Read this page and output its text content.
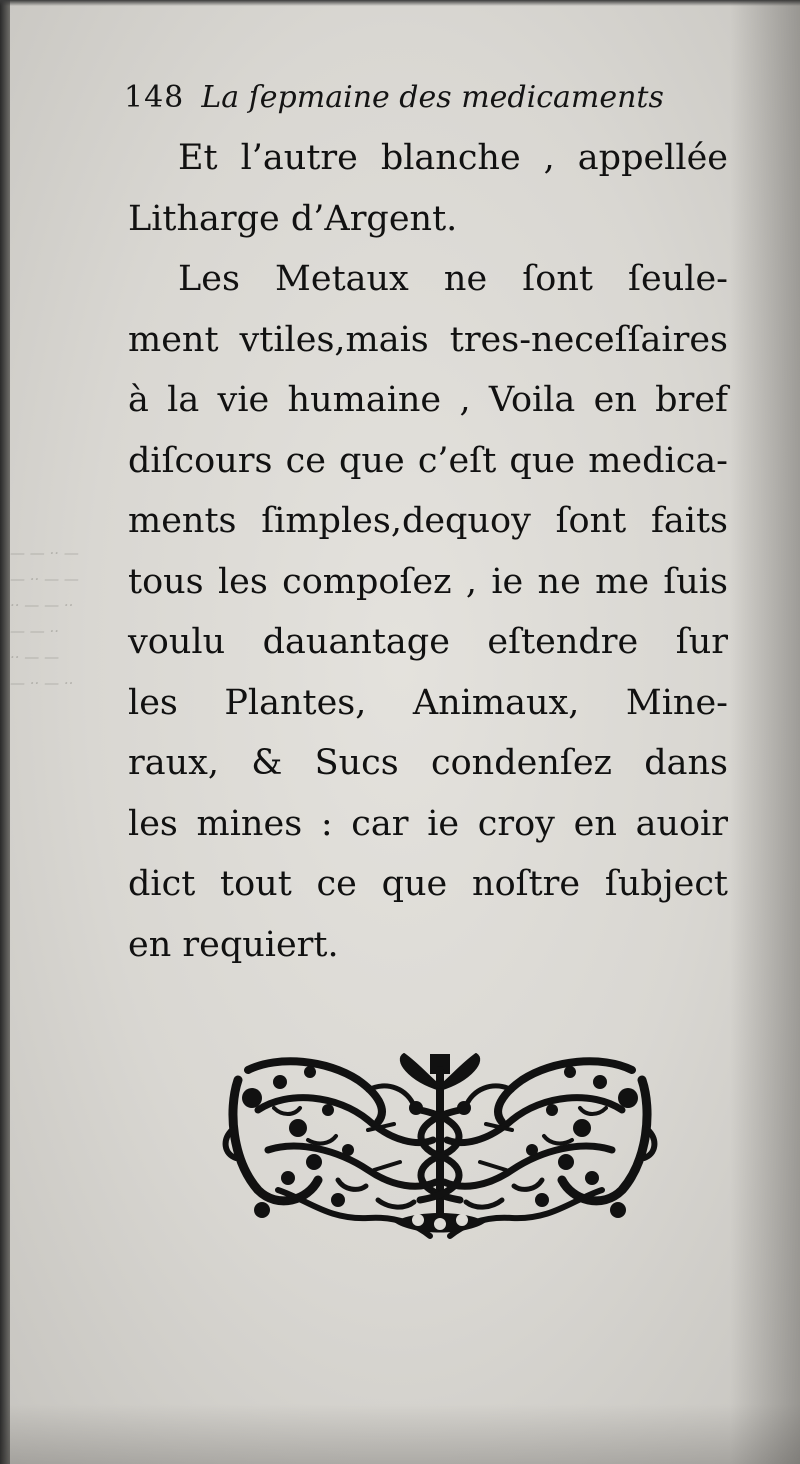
— — ·· —
— ·· — —
·· — — ··
— — ··
·· — —
— ·· — ··
148 La ſepmaine des medicaments
Et l’autre blanche , appellée
Litharge d’Argent.
Les Metaux ne ſont ſeule-
ment vtiles,mais tres-neceſſaires
à la vie humaine , Voila en bref
diſcours ce que c’eſt que medica-
ments ſimples,dequoy ſont faits
tous les compoſez , ie ne me ſuis
voulu dauantage eſtendre ſur
les Plantes, Animaux, Mine-
raux, & Sucs condenſez dans
les mines : car ie croy en auoir
dict tout ce que noſtre ſubject
en requiert.
